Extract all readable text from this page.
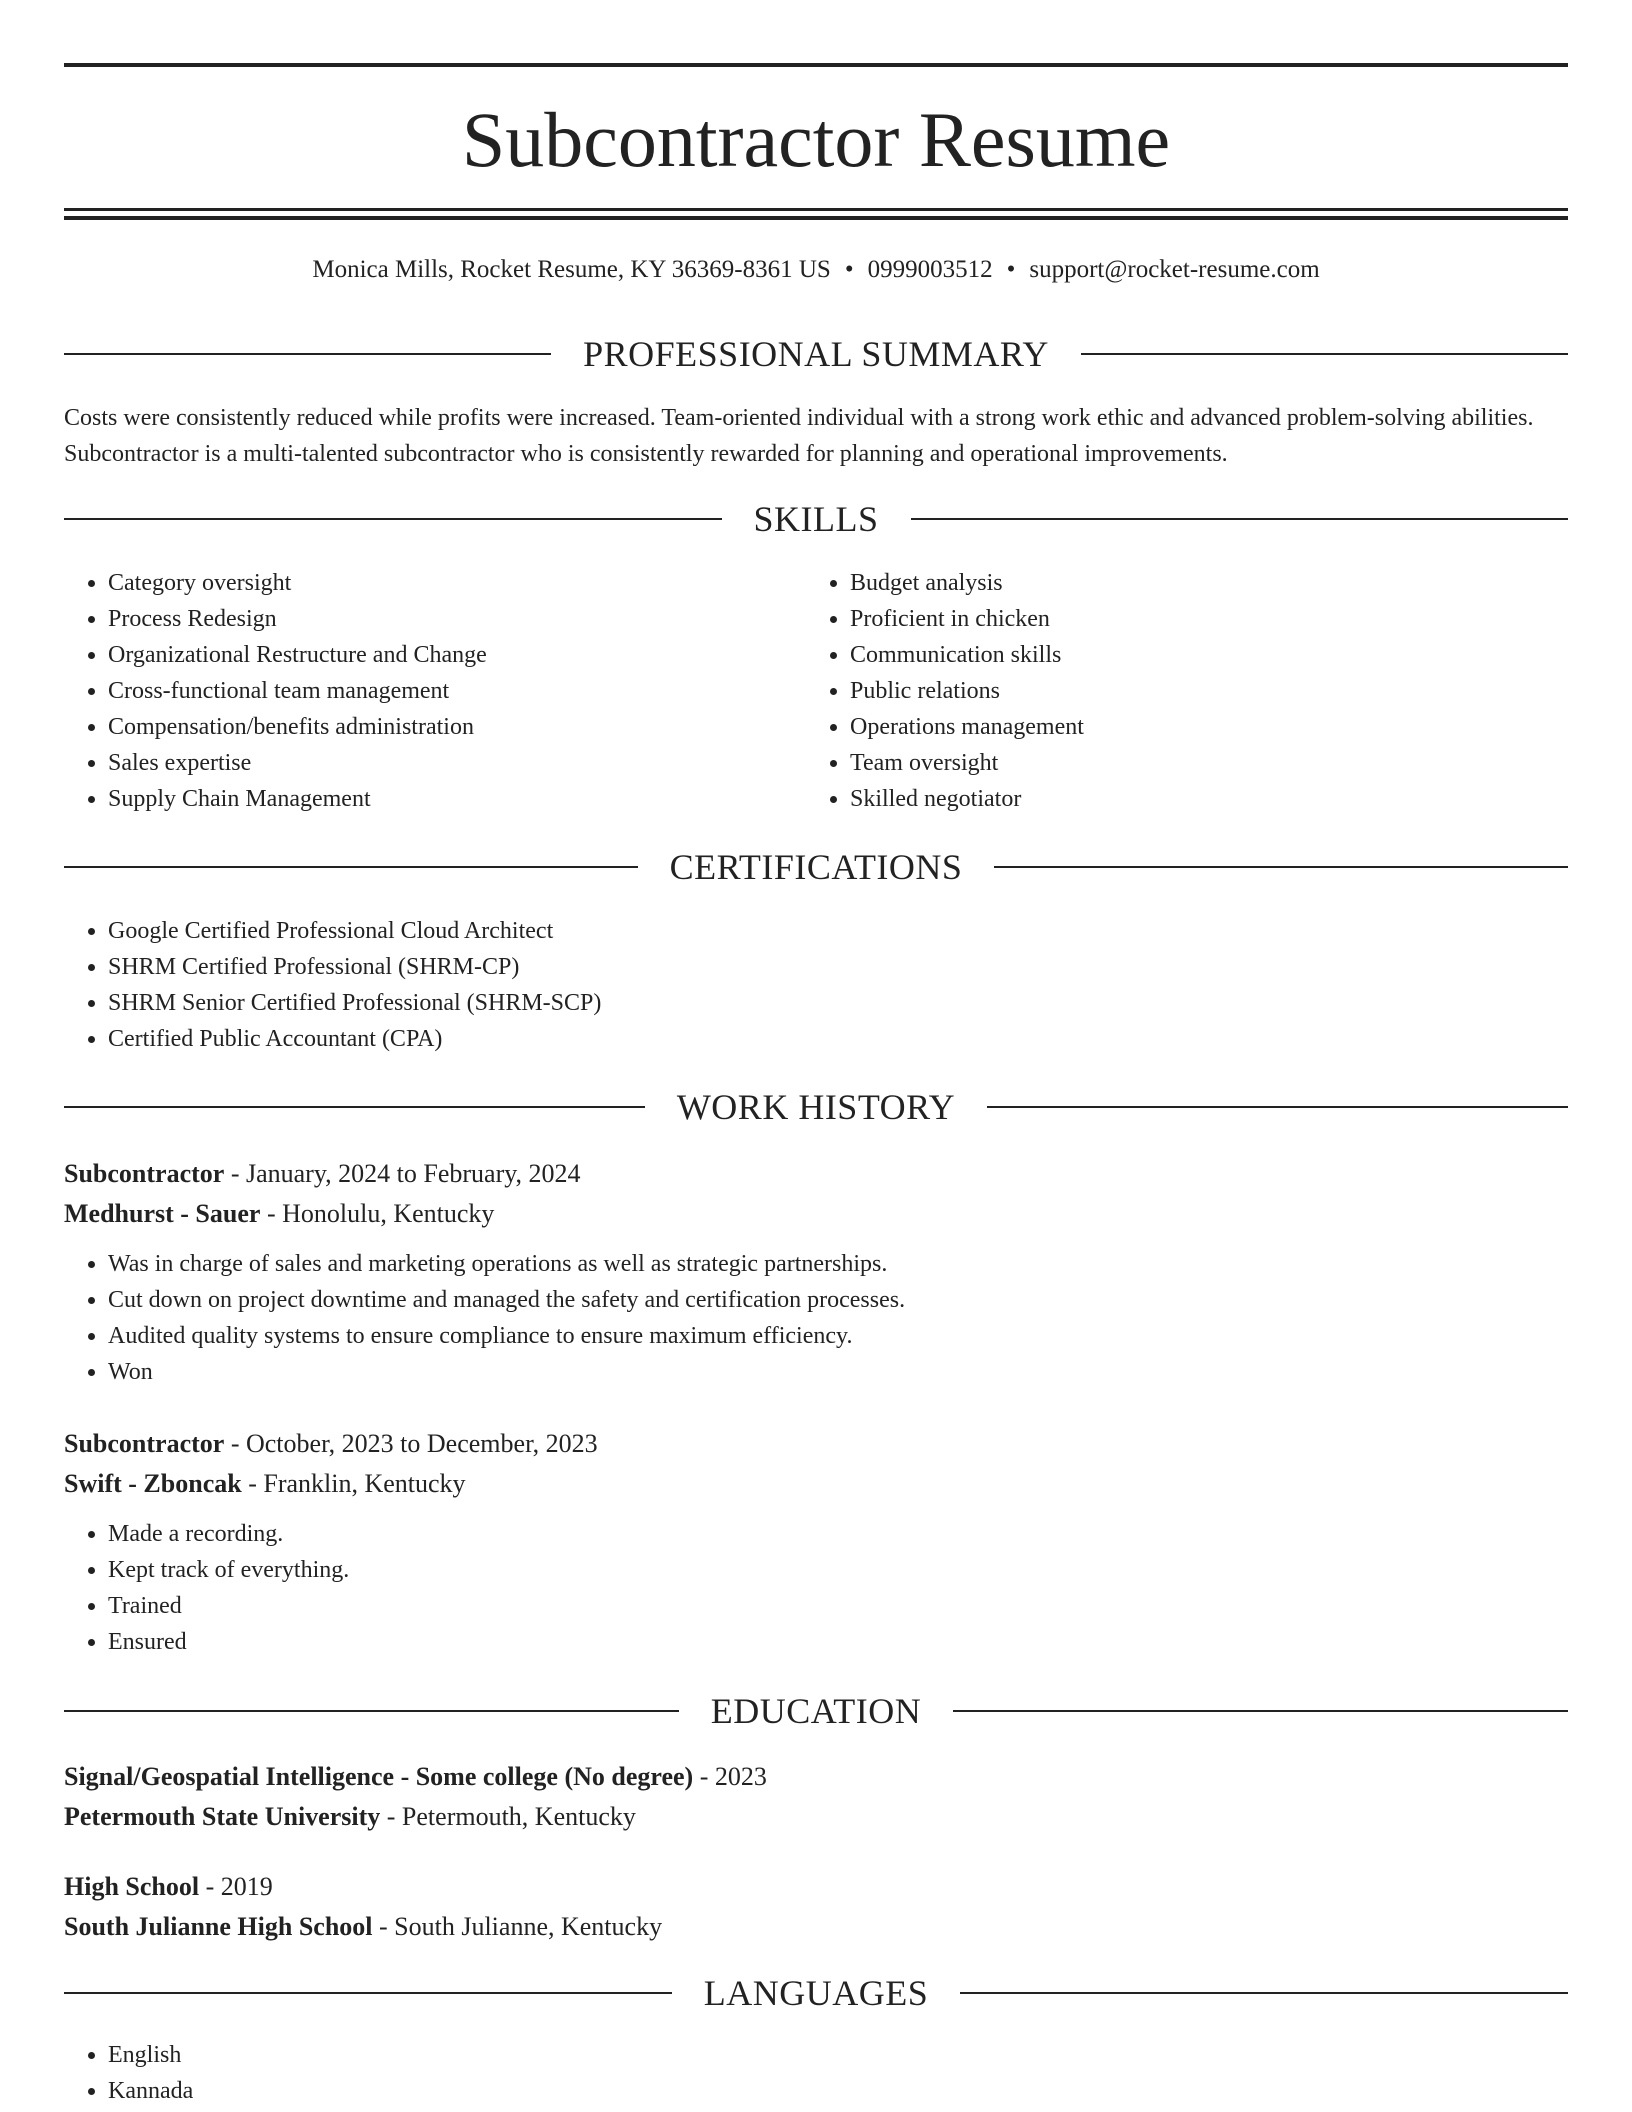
Subcontractor Resume
Monica Mills, Rocket Resume, KY 36369-8361 US • 0999003512 • support@rocket-resume.com
PROFESSIONAL SUMMARY

Costs were consistently reduced while profits were increased. Team-oriented individual with a strong work ethic and advanced problem-solving abilities. Subcontractor is a multi-talented subcontractor who is consistently rewarded for planning and operational improvements.

SKILLS
• Category oversight
• Process Redesign
• Organizational Restructure and Change
• Cross-functional team management
• Compensation/benefits administration
• Sales expertise
• Supply Chain Management
• Budget analysis
• Proficient in chicken
• Communication skills
• Public relations
• Operations management
• Team oversight
• Skilled negotiator
CERTIFICATIONS
• Google Certified Professional Cloud Architect
• SHRM Certified Professional (SHRM-CP)
• SHRM Senior Certified Professional (SHRM-SCP)
• Certified Public Accountant (CPA)
WORK HISTORY
Subcontractor - January, 2024 to February, 2024
Medhurst - Sauer - Honolulu, Kentucky
• Was in charge of sales and marketing operations as well as strategic partnerships.
• Cut down on project downtime and managed the safety and certification processes.
• Audited quality systems to ensure compliance to ensure maximum efficiency.
• Won
Subcontractor - October, 2023 to December, 2023
Swift - Zboncak - Franklin, Kentucky
• Made a recording.
• Kept track of everything.
• Trained
• Ensured
EDUCATION
Signal/Geospatial Intelligence - Some college (No degree) - 2023
Petermouth State University - Petermouth, Kentucky
High School - 2019
South Julianne High School - South Julianne, Kentucky
LANGUAGES
• English
• Kannada
